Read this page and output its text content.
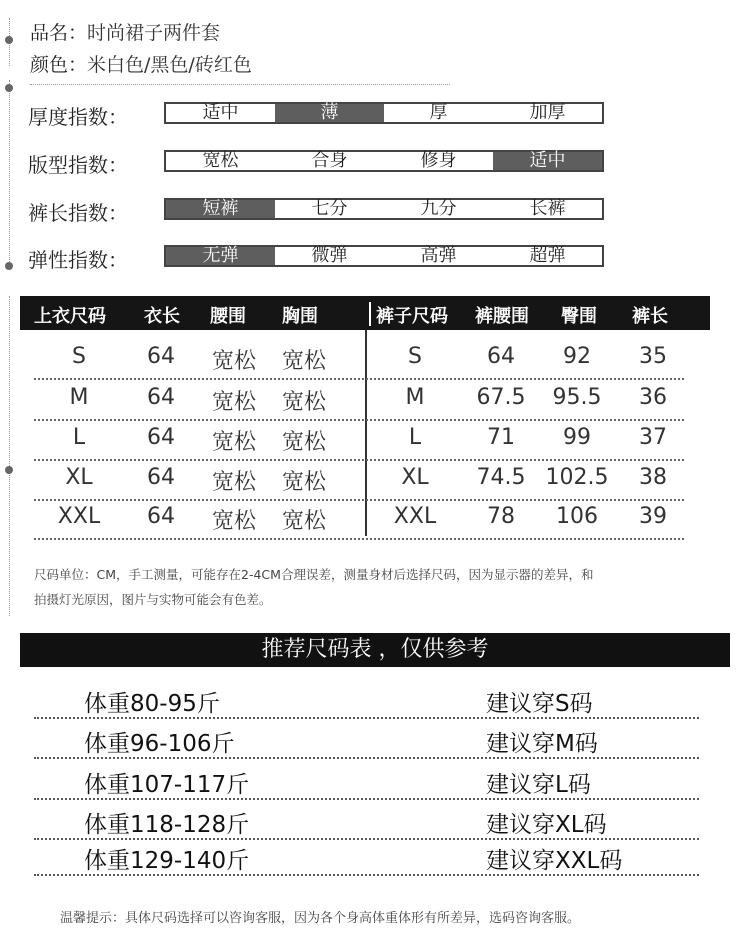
品名：时尚裙子两件套
颜色：米白色/黑色/砖红色
厚度指数：	适中	薄	厚	加厚
版型指数：	宽松	合身	修身	适中
裤长指数：	短裤	七分	九分	长裤
弹性指数：	无弹	微弹	高弹	超弹
上衣尺码 衣长 腰围 胸围	裤子尺码 裤腰围 臀围 裤长
S	64 宽松 宽松	S	64 92 35
M	64 宽松 宽松	M 67.5 95.5 36
L	64 宽松 宽松	L	71 99 37
XL 64 宽松 宽松	XL 74.5 102.5 38
XXL 64 宽松 宽松	XXL 78 106 39
尺码单位：CM，手工测量，可能存在2-4CM合理误差，测量身材后选择尺码，因为显示器的差异，和
拍摄灯光原因，图片与实物可能会有色差。
推荐尺码表 ，仅供参考
体重80-95斤	建议穿S码
体重96-106斤	建议穿M码
体重107-117斤	建议穿L码
体重118-128斤	建议穿XL码
体重129-140斤	建议穿XXL码
温馨提示：具体尺码选择可以咨询客服，因为各个身高体重体形有所差异，选码咨询客服。
